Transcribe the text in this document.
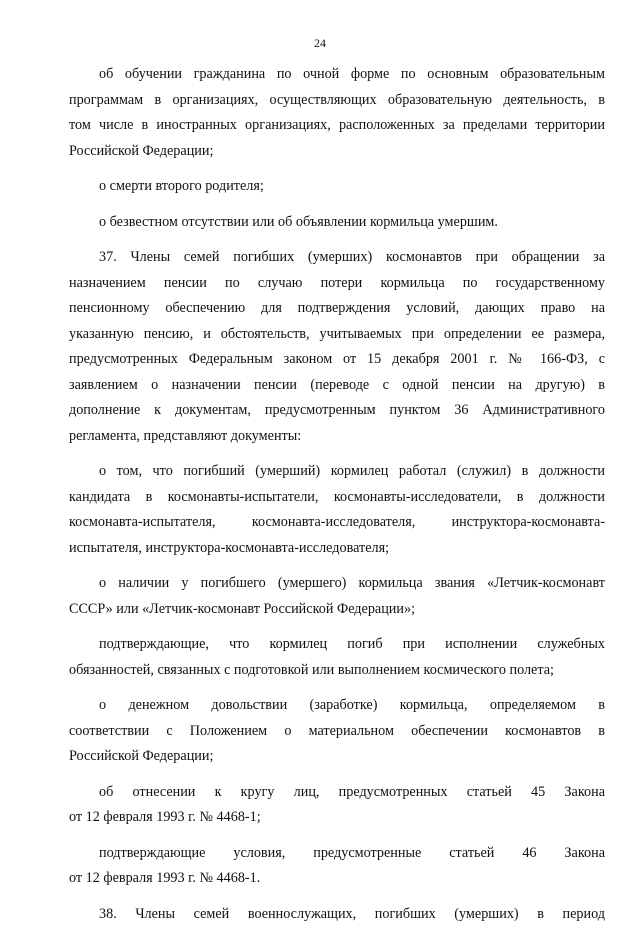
24

об обучении гражданина по очной форме по основным образовательным
программам в организациях, осуществляющих образовательную деятельность, в
том числе в иностранных организациях, расположенных за пределами территории
Российской Федерации;

о смерти второго родителя;

о безвестном отсутствии или об объявлении кормильца умершим.

37. Члены семей погибших (умерших) космонавтов при обращении за
назначением пенсии по случаю потери кормильца по государственному
пенсионному обеспечению для подтверждения условий, дающих право на
указанную пенсию, и обстоятельств, учитываемых при определении ее размера,
предусмотренных Федеральным законом от 15 декабря 2001 г. № 166-ФЗ, с
заявлением о назначении пенсии (переводе с одной пенсии на другую) в
дополнение к документам, предусмотренным пунктом 36 Административного
регламента, представляют документы:

о том, что погибший (умерший) кормилец работал (служил) в должности
кандидата в космонавты-испытатели, космонавты-исследователи, в должности
космонавта-испытателя, космонавта-исследователя, инструктора-космонавта-
испытателя, инструктора-космонавта-исследователя;

о наличии у погибшего (умершего) кормильца звания «Летчик-космонавт
СССР» или «Летчик-космонавт Российской Федерации»;

подтверждающие, что кормилец погиб при исполнении служебных
обязанностей, связанных с подготовкой или выполнением космического полета;

о денежном довольствии (заработке) кормильца, определяемом в
соответствии с Положением о материальном обеспечении космонавтов в
Российской Федерации;

об отнесении к кругу лиц, предусмотренных статьей 45 Закона
от 12 февраля 1993 г. № 4468-1;

подтверждающие условия, предусмотренные статьей 46 Закона
от 12 февраля 1993 г. № 4468-1.

38. Члены семей военнослужащих, погибших (умерших) в период
